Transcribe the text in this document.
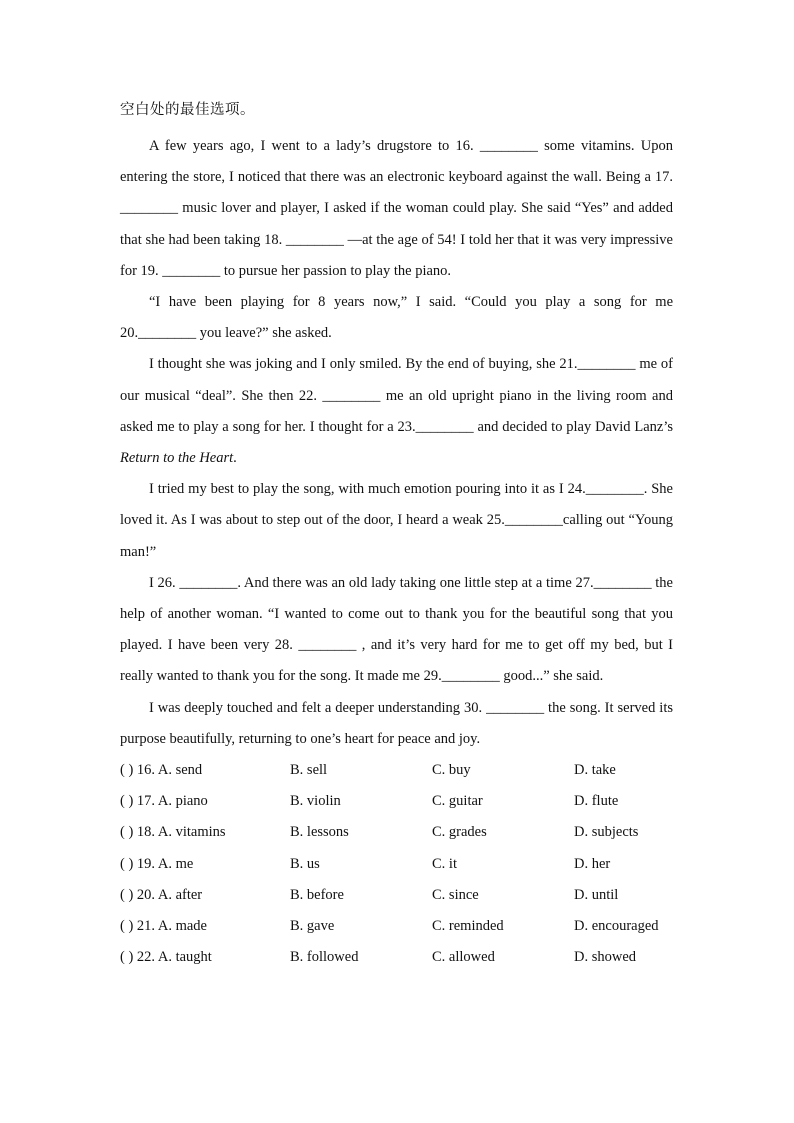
空白处的最佳选项。

A few years ago, I went to a lady’s drugstore to 16. ________ some vitamins. Upon entering the store, I noticed that there was an electronic keyboard against the wall. Being a 17. ________ music lover and player, I asked if the woman could play. She said “Yes” and added that she had been taking 18. ________ —at the age of 54! I told her that it was very impressive for 19. ________ to pursue her passion to play the piano.

“I have been playing for 8 years now,” I said. “Could you play a song for me 20.________ you leave?” she asked.

I thought she was joking and I only smiled. By the end of buying, she 21.________ me of our musical “deal”. She then 22. ________ me an old upright piano in the living room and asked me to play a song for her. I thought for a 23.________ and decided to play David Lanz’s Return to the Heart.

I tried my best to play the song, with much emotion pouring into it as I 24.________. She loved it. As I was about to step out of the door, I heard a weak 25.________calling out “Young man!”

I 26. ________. And there was an old lady taking one little step at a time 27.________ the help of another woman. “I wanted to come out to thank you for the beautiful song that you played. I have been very 28. ________ , and it’s very hard for me to get off my bed, but I really wanted to thank you for the song. It made me 29.________ good...” she said.

I was deeply touched and felt a deeper understanding 30. ________ the song. It served its purpose beautifully, returning to one’s heart for peace and joy.

( ) 16. A. send	B. sell	C. buy	D. take
( ) 17. A. piano	B. violin	C. guitar	D. flute
( ) 18. A. vitamins	B. lessons	C. grades	D. subjects
( ) 19. A. me	B. us	C. it	D. her
( ) 20. A. after	B. before	C. since	D. until
( ) 21. A. made	B. gave	C. reminded	D. encouraged
( ) 22. A. taught	B. followed	C. allowed	D. showed
